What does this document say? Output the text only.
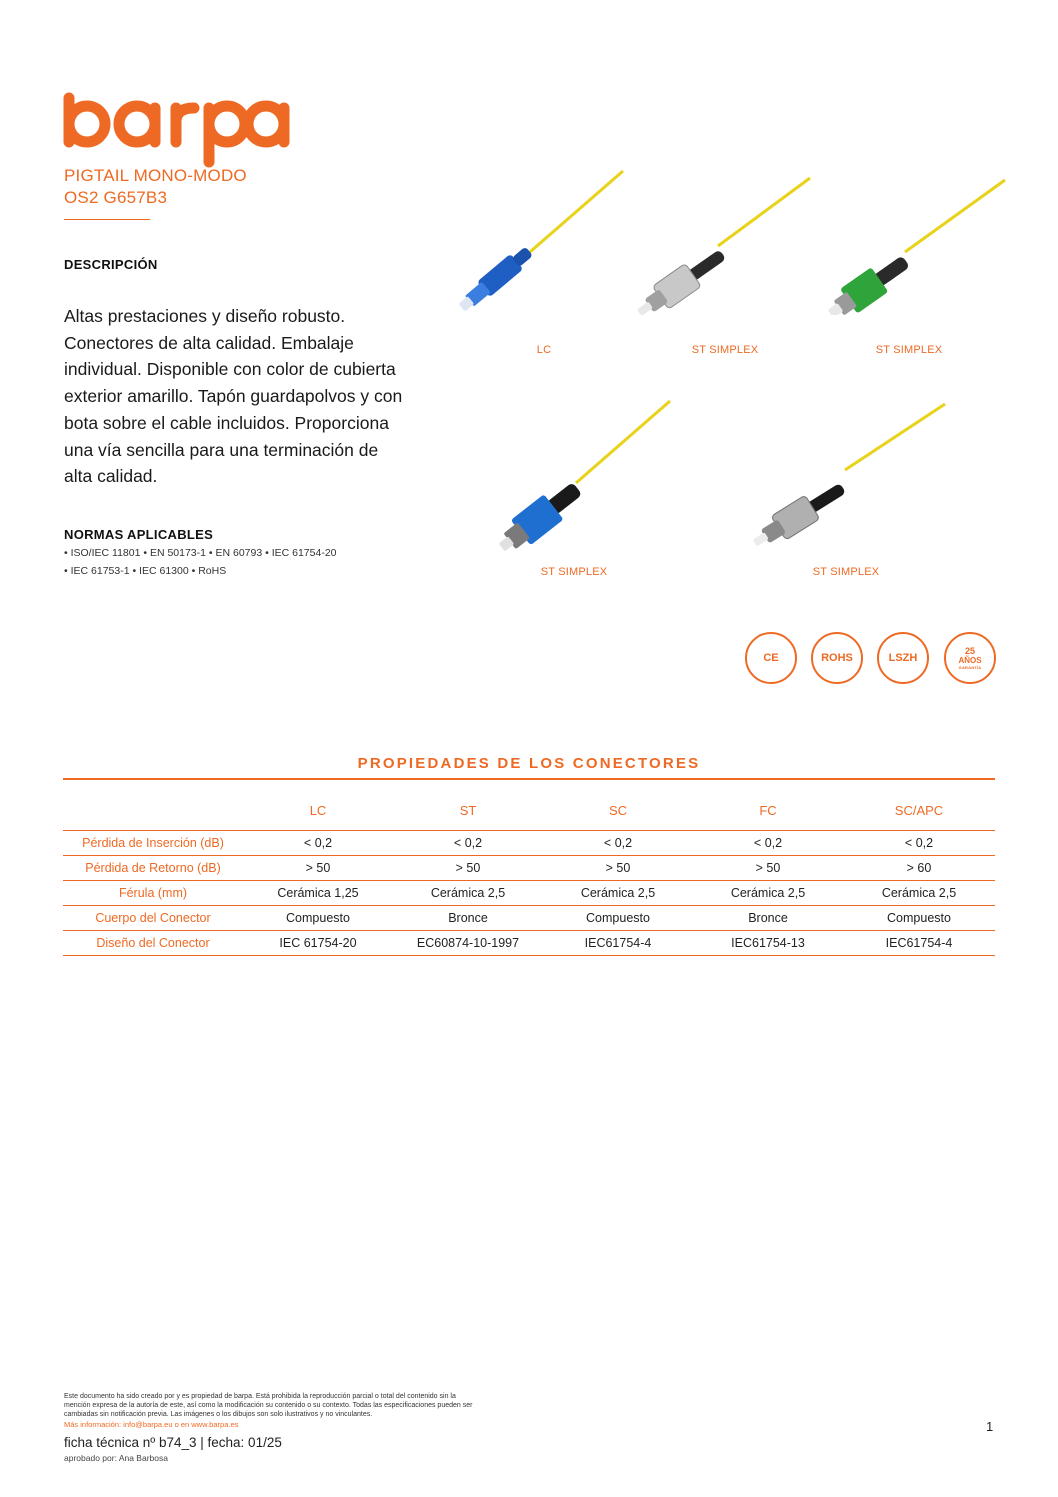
PIGTAIL MONO-MODO
OS2 G657B3
DESCRIPCIÓN
Altas prestaciones y diseño robusto. Conectores de alta calidad. Embalaje individual. Disponible con color de cubierta exterior amarillo. Tapón guardapolvos y con bota sobre el cable incluidos. Proporciona una vía sencilla para una terminación de alta calidad.
NORMAS APLICABLES
• ISO/IEC 11801 • EN 50173-1 • EN 60793 • IEC 61754-20
• IEC 61753-1 • IEC 61300 • RoHS
LC	ST SIMPLEX	ST SIMPLEX
ST SIMPLEX	ST SIMPLEX
CE	ROHS	LSZH
25
AÑOS
GARANTÍA
PROPIEDADES DE LOS CONECTORES
	LC	ST	SC	FC	SC/APC
Pérdida de Inserción (dB)	< 0,2	< 0,2	< 0,2	< 0,2	< 0,2
Pérdida de Retorno (dB)	> 50	> 50	> 50	> 50	> 60
Férula (mm)	Cerámica 1,25	Cerámica 2,5	Cerámica 2,5	Cerámica 2,5	Cerámica 2,5
Cuerpo del Conector	Compuesto	Bronce	Compuesto	Bronce	Compuesto
Diseño del Conector	IEC 61754-20	EC60874-10-1997	IEC61754-4	IEC61754-13	IEC61754-4
Este documento ha sido creado por y es propiedad de barpa. Está prohibida la reproducción parcial o total del contenido sin la
mención expresa de la autoría de este, así como la modificación su contenido o su contexto. Todas las especificaciones pueden ser
cambiadas sin notificación previa. Las imágenes o los dibujos son solo ilustrativos y no vinculantes.
Más información: info@barpa.eu o en www.barpa.es
ficha técnica nº b74_3 | fecha: 01/25
aprobado por: Ana Barbosa
1
